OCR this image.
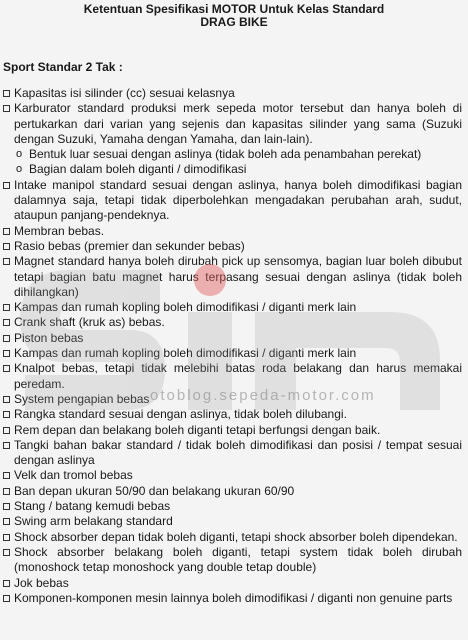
Ketentuan Spesifikasi MOTOR Untuk Kelas Standard

DRAG BIKE

Sport Standar 2 Tak :
Kapasitas isi silinder (cc) sesuai kelasnya
Karburator standard produksi merk sepeda motor tersebut dan hanya boleh di pertukarkan dari varian yang sejenis dan kapasitas silinder yang sama (Suzuki dengan Suzuki, Yamaha dengan Yamaha, dan lain-lain).
o Bentuk luar sesuai dengan aslinya (tidak boleh ada penambahan perekat)
o Bagian dalam boleh diganti / dimodifikasi
Intake manipol standard sesuai dengan aslinya, hanya boleh dimodifikasi bagian dalamnya saja, tetapi tidak diperbolehkan mengadakan perubahan arah, sudut, ataupun panjang-pendeknya.
Membran bebas.
Rasio bebas (premier dan sekunder bebas)
Magnet standard hanya boleh dirubah pick up sensomya, bagian luar boleh dibubut tetapi bagian batu magnet harus terpasang sesuai dengan aslinya (tidak boleh dihilangkan)
Kampas dan rumah kopling boleh dimodifikasi / diganti merk lain
Crank shaft (kruk as) bebas.
Piston bebas
Kampas dan rumah kopling boleh dimodifikasi / diganti merk lain
Knalpot bebas, tetapi tidak melebihi batas roda belakang dan harus memakai peredam.
System pengapian bebas
Rangka standard sesuai dengan aslinya, tidak boleh dilubangi.
Rem depan dan belakang boleh diganti tetapi berfungsi dengan baik.
Tangki bahan bakar standard / tidak boleh dimodifikasi dan posisi / tempat sesuai dengan aslinya
Velk dan tromol bebas
Ban depan ukuran 50/90 dan belakang ukuran 60/90
Stang / batang kemudi bebas
Swing arm belakang standard
Shock absorber depan tidak boleh diganti, tetapi shock absorber boleh dipendekan.
Shock absorber belakang boleh diganti, tetapi system tidak boleh dirubah (monoshock tetap monoshock yang double tetap double)
Jok bebas
Komponen-komponen mesin lainnya boleh dimodifikasi / diganti non genuine parts
otoblog.sepeda-motor.com
